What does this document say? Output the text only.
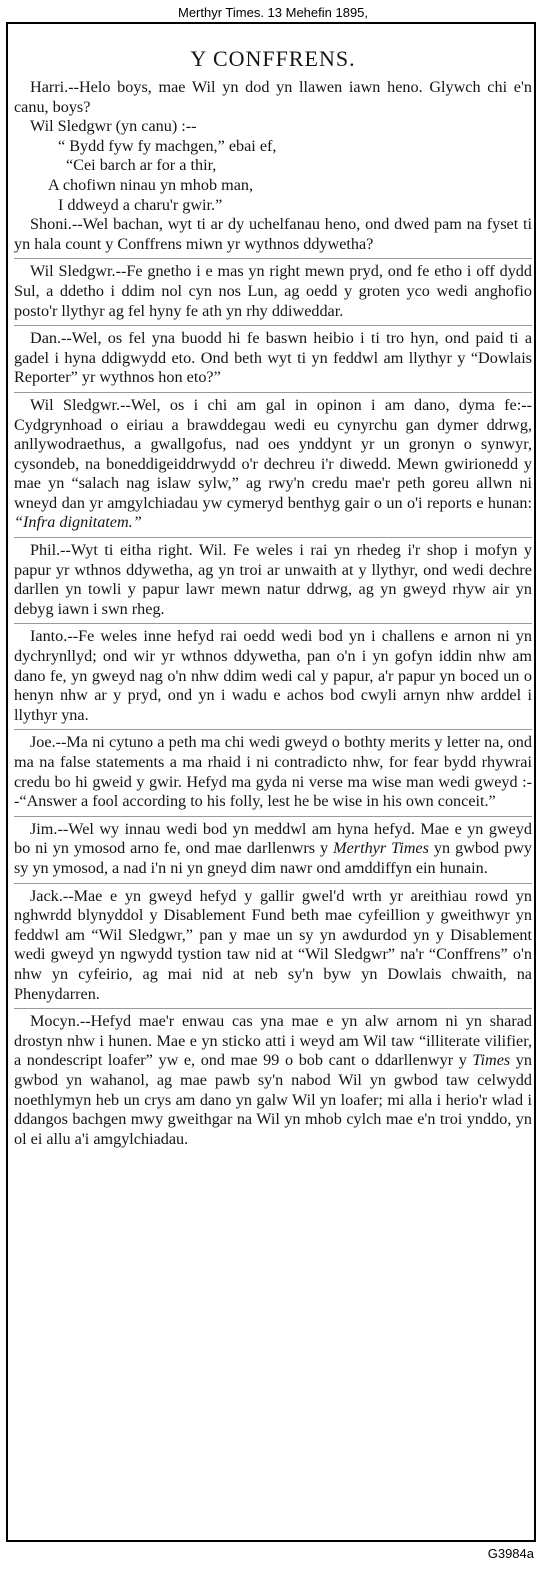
Merthyr Times. 13 Mehefin 1895,
Y CONFFRENS.

Harri.--Helo boys, mae Wil yn dod yn llawen iawn heno. Glywch chi e'n canu, boys?

Wil Sledgwr (yn canu) :--

“ Bydd fyw fy machgen,” ebai ef,
“Cei barch ar for a thir,
A chofiwn ninau yn mhob man,
I ddweyd a charu'r gwir.”

Shoni.--Wel bachan, wyt ti ar dy uchelfanau heno, ond dwed pam na fyset ti yn hala count y Conffrens miwn yr wythnos ddywetha?

Wil Sledgwr.--Fe gnetho i e mas yn right mewn pryd, ond fe etho i off dydd Sul, a ddetho i ddim nol cyn nos Lun, ag oedd y groten yco wedi anghofio posto'r llythyr ag fel hyny fe ath yn rhy ddiweddar.

Dan.--Wel, os fel yna buodd hi fe baswn heibio i ti tro hyn, ond paid ti a gadel i hyna ddigwydd eto. Ond beth wyt ti yn feddwl am llythyr y “Dowlais Reporter” yr wythnos hon eto?”

Wil Sledgwr.--Wel, os i chi am gal in opinon i am dano, dyma fe:--Cydgrynhoad o eiriau a brawddegau wedi eu cynyrchu gan dymer ddrwg, anllywodraethus, a gwallgofus, nad oes ynddynt yr un gronyn o synwyr, cysondeb, na boneddigeiddrwydd o'r dechreu i'r diwedd. Mewn gwirionedd y mae yn “salach nag islaw sylw,” ag rwy'n credu mae'r peth goreu allwn ni wneyd dan yr amgylchiadau yw cymeryd benthyg gair o un o'i reports e hunan: “Infra dignitatem.”

Phil.--Wyt ti eitha right. Wil. Fe weles i rai yn rhedeg i'r shop i mofyn y papur yr wthnos ddywetha, ag yn troi ar unwaith at y llythyr, ond wedi dechre darllen yn towli y papur lawr mewn natur ddrwg, ag yn gweyd rhyw air yn debyg iawn i swn rheg.

Ianto.--Fe weles inne hefyd rai oedd wedi bod yn i challens e arnon ni yn dychrynllyd; ond wir yr wthnos ddywetha, pan o'n i yn gofyn iddin nhw am dano fe, yn gweyd nag o'n nhw ddim wedi cal y papur, a'r papur yn boced un o henyn nhw ar y pryd, ond yn i wadu e achos bod cwyli arnyn nhw arddel i llythyr yna.

Joe.--Ma ni cytuno a peth ma chi wedi gweyd o bothty merits y letter na, ond ma na false statements a ma rhaid i ni contradicto nhw, for fear bydd rhywrai credu bo hi gweid y gwir. Hefyd ma gyda ni verse ma wise man wedi gweyd :--“Answer a fool according to his folly, lest he be wise in his own conceit.”

Jim.--Wel wy innau wedi bod yn meddwl am hyna hefyd. Mae e yn gweyd bo ni yn ymosod arno fe, ond mae darllenwrs y Merthyr Times yn gwbod pwy sy yn ymosod, a nad i'n ni yn gneyd dim nawr ond amddiffyn ein hunain.

Jack.--Mae e yn gweyd hefyd y gallir gwel'd wrth yr areithiau rowd yn nghwrdd blynyddol y Disablement Fund beth mae cyfeillion y gweithwyr yn feddwl am “Wil Sledgwr,” pan y mae un sy yn awdurdod yn y Disablement wedi gweyd yn ngwydd tystion taw nid at “Wil Sledgwr” na'r “Conffrens” o'n nhw yn cyfeirio, ag mai nid at neb sy'n byw yn Dowlais chwaith, na Phenydarren.

Mocyn.--Hefyd mae'r enwau cas yna mae e yn alw arnom ni yn sharad drostyn nhw i hunen. Mae e yn sticko atti i weyd am Wil taw “illiterate vilifier, a nondescript loafer” yw e, ond mae 99 o bob cant o ddarllenwyr y Times yn gwbod yn wahanol, ag mae pawb sy'n nabod Wil yn gwbod taw celwydd noethlymyn heb un crys am dano yn galw Wil yn loafer; mi alla i herio'r wlad i ddangos bachgen mwy gweithgar na Wil yn mhob cylch mae e'n troi ynddo, yn ol ei allu a'i amgylchiadau.

G3984a
